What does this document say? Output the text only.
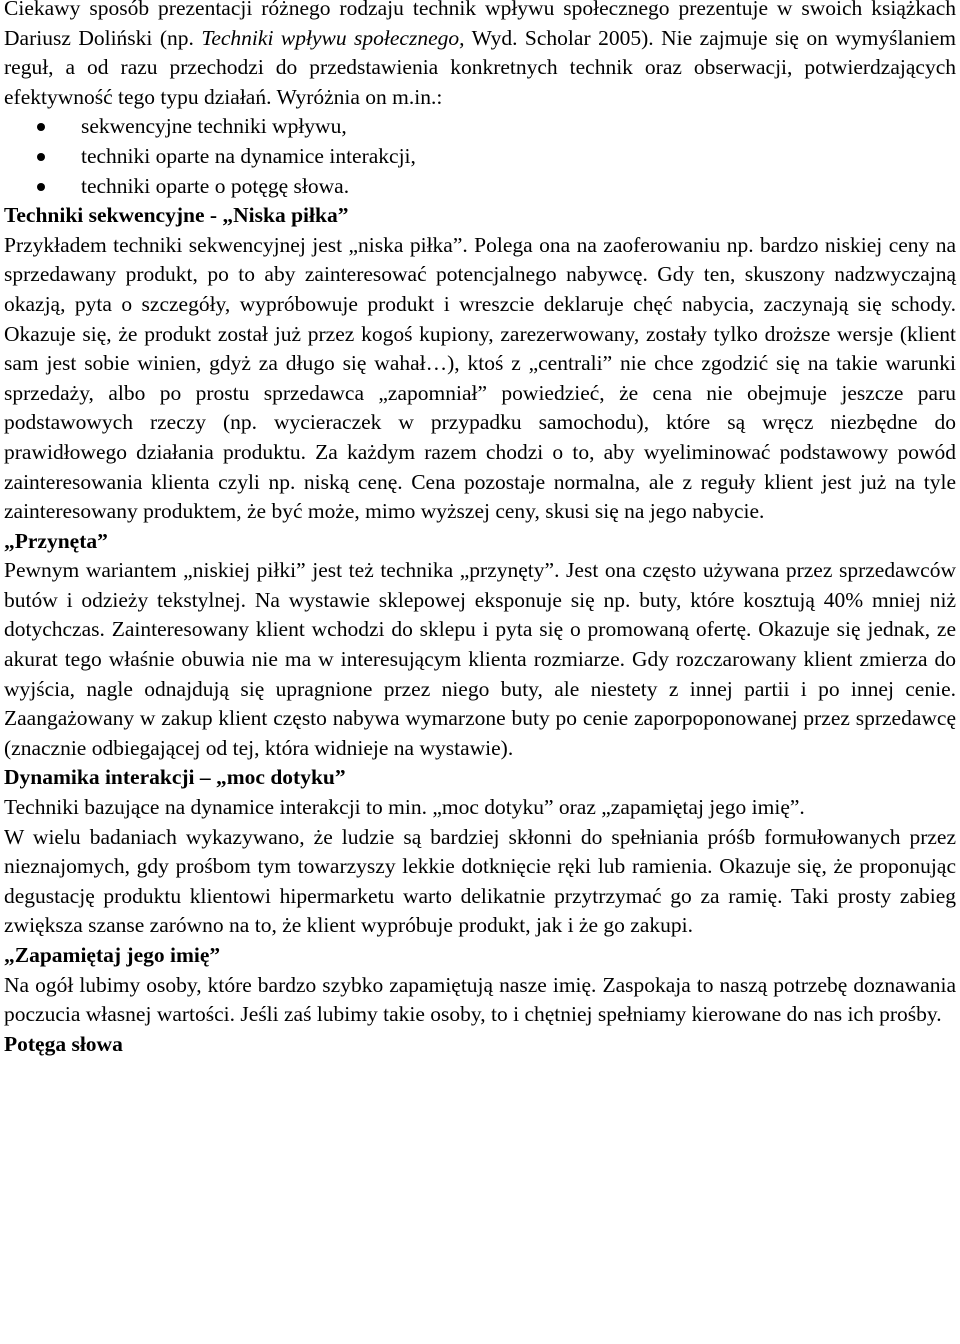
Ciekawy sposób prezentacji różnego rodzaju technik wpływu społecznego prezentuje w swoich książkach Dariusz Doliński (np. Techniki wpływu społecznego, Wyd. Scholar 2005). Nie zajmuje się on wymyślaniem reguł, a od razu przechodzi do przedstawienia konkretnych technik oraz obserwacji, potwierdzających efektywność tego typu działań. Wyróżnia on m.in.:

sekwencyjne techniki wpływu,
techniki oparte na dynamice interakcji,
techniki oparte o potęgę słowa.
Techniki sekwencyjne - „Niska piłka”

Przykładem techniki sekwencyjnej jest „niska piłka”. Polega ona na zaoferowaniu np. bardzo niskiej ceny na sprzedawany produkt, po to aby zainteresować potencjalnego nabywcę. Gdy ten, skuszony nadzwyczajną okazją, pyta o szczegóły, wypróbowuje produkt i wreszcie deklaruje chęć nabycia, zaczynają się schody. Okazuje się, że produkt został już przez kogoś kupiony, zarezerwowany, zostały tylko droższe wersje (klient sam jest sobie winien, gdyż za długo się wahał…), ktoś z „centrali” nie chce zgodzić się na takie warunki sprzedaży, albo po prostu sprzedawca „zapomniał” powiedzieć, że cena nie obejmuje jeszcze paru podstawowych rzeczy (np. wycieraczek w przypadku samochodu), które są wręcz niezbędne do prawidłowego działania produktu. Za każdym razem chodzi o to, aby wyeliminować podstawowy powód zainteresowania klienta czyli np. niską cenę. Cena pozostaje normalna, ale z reguły klient jest już na tyle zainteresowany produktem, że być może, mimo wyższej ceny, skusi się na jego nabycie.

„Przynęta”

Pewnym wariantem „niskiej piłki” jest też technika „przynęty”. Jest ona często używana przez sprzedawców butów i odzieży tekstylnej. Na wystawie sklepowej eksponuje się np. buty, które kosztują 40% mniej niż dotychczas. Zainteresowany klient wchodzi do sklepu i pyta się o promowaną ofertę. Okazuje się jednak, ze akurat tego właśnie obuwia nie ma w interesującym klienta rozmiarze. Gdy rozczarowany klient zmierza do wyjścia, nagle odnajdują się upragnione przez niego buty, ale niestety z innej partii i po innej cenie. Zaangażowany w zakup klient często nabywa wymarzone buty po cenie zaporpoponowanej przez sprzedawcę (znacznie odbiegającej od tej, która widnieje na wystawie).

Dynamika interakcji – „moc dotyku”

Techniki bazujące na dynamice interakcji to min. „moc dotyku” oraz „zapamiętaj jego imię”.

W wielu badaniach wykazywano, że ludzie są bardziej skłonni do spełniania próśb formułowanych przez nieznajomych, gdy prośbom tym towarzyszy lekkie dotknięcie ręki lub ramienia. Okazuje się, że proponując degustację produktu klientowi hipermarketu warto delikatnie przytrzymać go za ramię. Taki prosty zabieg zwiększa szanse zarówno na to, że klient wypróbuje produkt, jak i że go zakupi.

„Zapamiętaj jego imię”

Na ogół lubimy osoby, które bardzo szybko zapamiętują nasze imię. Zaspokaja to naszą potrzebę doznawania poczucia własnej wartości. Jeśli zaś lubimy takie osoby, to i chętniej spełniamy kierowane do nas ich prośby.

Potęga słowa
